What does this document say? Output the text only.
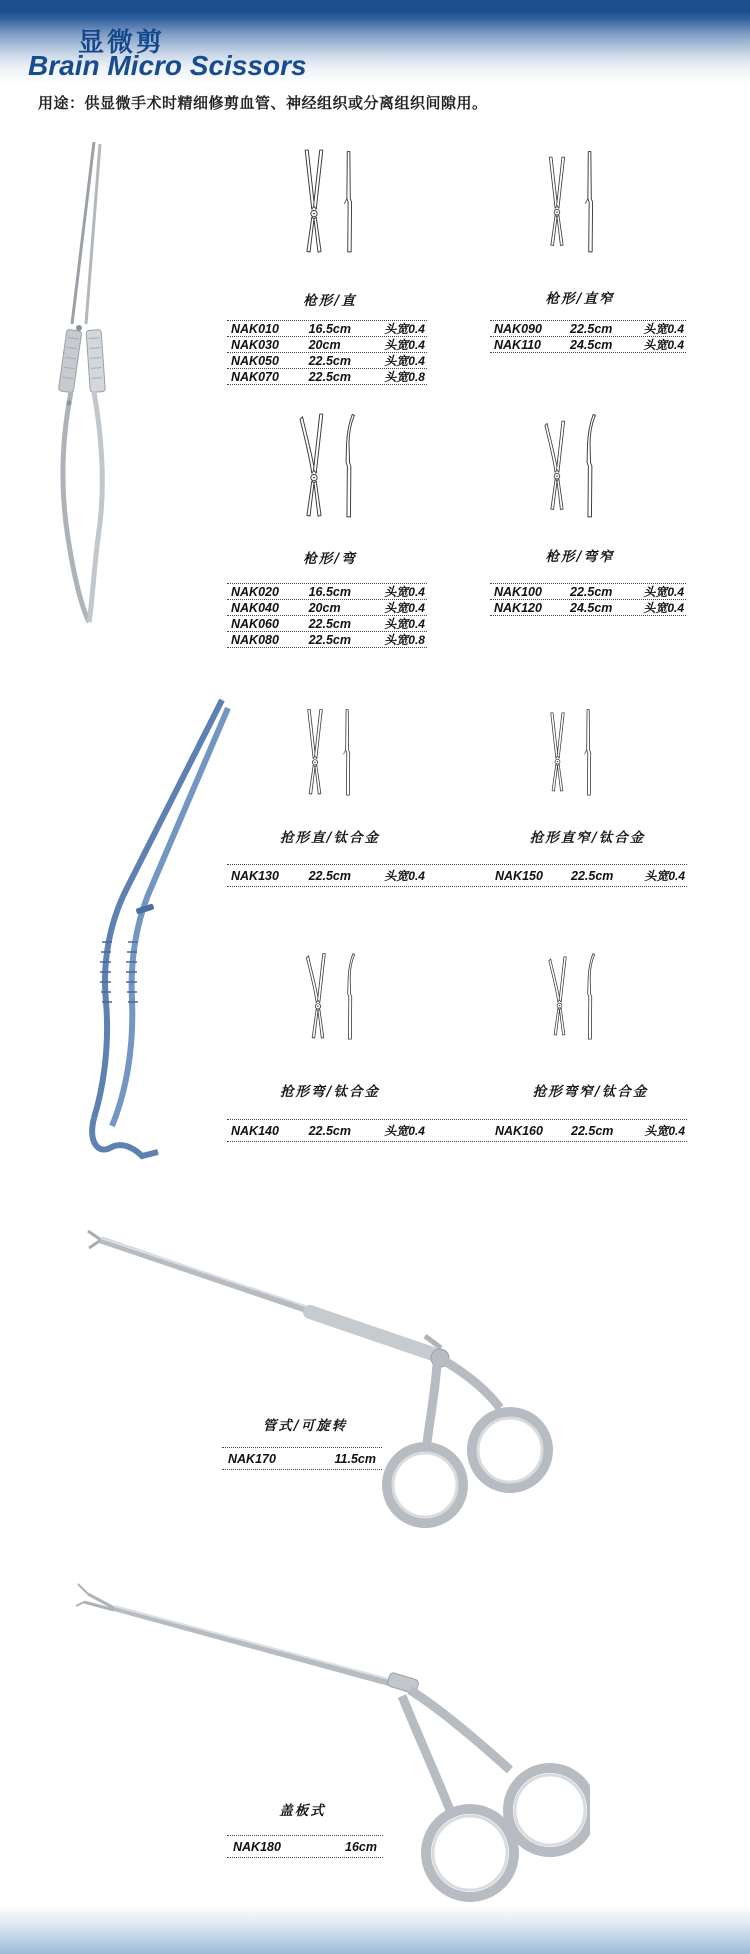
显微剪
Brain Micro Scissors
用途：供显微手术时精细修剪血管、神经组织或分离组织间隙用。
枪形/直	枪形/直窄
枪形/弯	枪形/弯窄
NAK010	16.5cm	头宽0.4
NAK030	20cm	头宽0.4
NAK050	22.5cm	头宽0.4
NAK070	22.5cm	头宽0.8
NAK090	22.5cm	头宽0.4
NAK110	24.5cm	头宽0.4
NAK020	16.5cm	头宽0.4
NAK040	20cm	头宽0.4
NAK060	22.5cm	头宽0.4
NAK080	22.5cm	头宽0.8
NAK100	22.5cm	头宽0.4
NAK120	24.5cm	头宽0.4
抢形直/钛合金	抢形直窄/钛合金
抢形弯/钛合金	抢形弯窄/钛合金
NAK130	22.5cm	头宽0.4	NAK150	22.5cm	头宽0.4
NAK140	22.5cm	头宽0.4	NAK160	22.5cm	头宽0.4
管式/可旋转
NAK170	11.5cm
盖板式
NAK180	16cm
